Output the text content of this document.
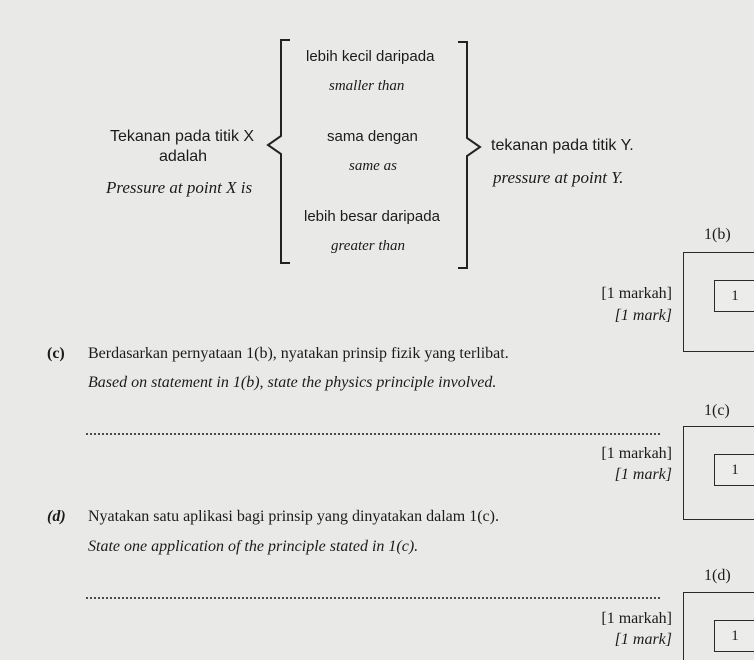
Tekanan pada titik X
adalah
Pressure at point X is
lebih kecil daripada
smaller than
sama dengan
same as
lebih besar daripada
greater than
tekanan pada titik Y.
pressure at point Y.
1(b)
1
[1 markah]
[1 mark]
(c) Berdasarkan pernyataan 1(b), nyatakan prinsip fizik yang terlibat.
Based on statement in 1(b), state the physics principle involved.
1(c)
1
[1 markah]
[1 mark]
(d) Nyatakan satu aplikasi bagi prinsip yang dinyatakan dalam 1(c).
State one application of the principle stated in 1(c).
1(d)
1
[1 markah]
[1 mark]
